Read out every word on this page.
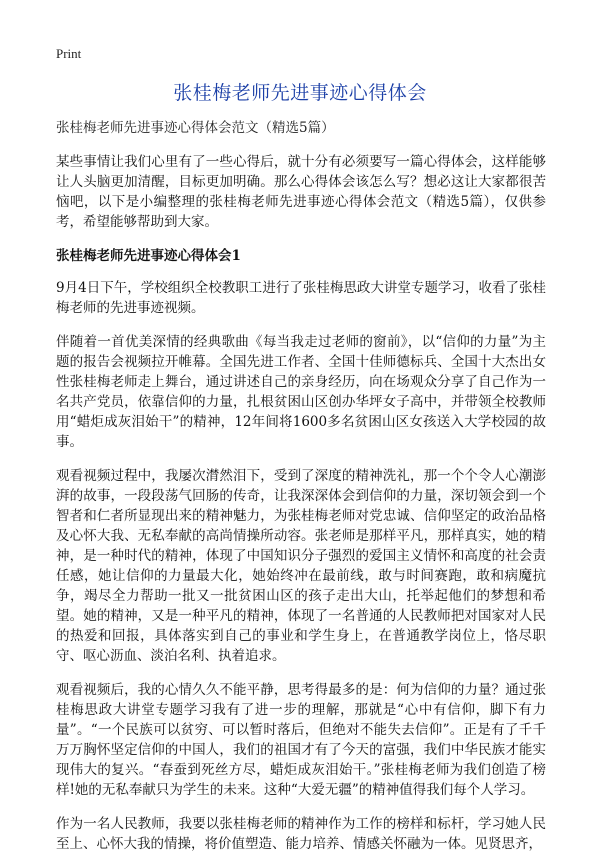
Print
张桂梅老师先进事迹心得体会
张桂梅老师先进事迹心得体会范文（精选5篇）

某些事情让我们心里有了一些心得后，就十分有必须要写一篇心得体会，这样能够让人头脑更加清醒，目标更加明确。那么心得体会该怎么写？想必这让大家都很苦恼吧，以下是小编整理的张桂梅老师先进事迹心得体会范文（精选5篇），仅供参考，希望能够帮助到大家。

张桂梅老师先进事迹心得体会1

9月4日下午，学校组织全校教职工进行了张桂梅思政大讲堂专题学习，收看了张桂梅老师的先进事迹视频。

伴随着一首优美深情的经典歌曲《每当我走过老师的窗前》，以“信仰的力量”为主题的报告会视频拉开帷幕。全国先进工作者、全国十佳师德标兵、全国十大杰出女性张桂梅老师走上舞台，通过讲述自己的亲身经历，向在场观众分享了自己作为一名共产党员，依靠信仰的力量，扎根贫困山区创办华坪女子高中，并带领全校教师用“蜡炬成灰泪始干”的精神，12年间将1600多名贫困山区女孩送入大学校园的故事。

观看视频过程中，我屡次潸然泪下，受到了深度的精神洗礼，那一个个令人心潮澎湃的故事，一段段荡气回肠的传奇，让我深深体会到信仰的力量，深切领会到一个智者和仁者所显现出来的精神魅力，为张桂梅老师对党忠诚、信仰坚定的政治品格及心怀大我、无私奉献的高尚情操所动容。张老师是那样平凡，那样真实，她的精神，是一种时代的精神，体现了中国知识分子强烈的爱国主义情怀和高度的社会责任感，她让信仰的力量最大化，她始终冲在最前线，敢与时间赛跑，敢和病魔抗争，竭尽全力帮助一批又一批贫困山区的孩子走出大山，托举起他们的梦想和希望。她的精神，又是一种平凡的精神，体现了一名普通的人民教师把对国家对人民的热爱和回报，具体落实到自己的事业和学生身上，在普通教学岗位上，恪尽职守、呕心沥血、淡泊名利、执着追求。

观看视频后，我的心情久久不能平静，思考得最多的是：何为信仰的力量？通过张桂梅思政大讲堂专题学习我有了进一步的理解，那就是“心中有信仰，脚下有力量”。“一个民族可以贫穷、可以暂时落后，但绝对不能失去信仰”。正是有了千千万万胸怀坚定信仰的中国人，我们的祖国才有了今天的富强，我们中华民族才能实现伟大的复兴。“春蚕到死丝方尽，蜡炬成灰泪始干。”张桂梅老师为我们创造了榜样!她的无私奉献只为学生的未来。这种“大爱无疆”的精神值得我们每个人学习。

作为一名人民教师，我要以张桂梅老师的精神作为工作的榜样和标杆，学习她人民至上、心怀大我的情操，将价值塑造、能力培养、情感关怀融为一体。见贤思齐，
